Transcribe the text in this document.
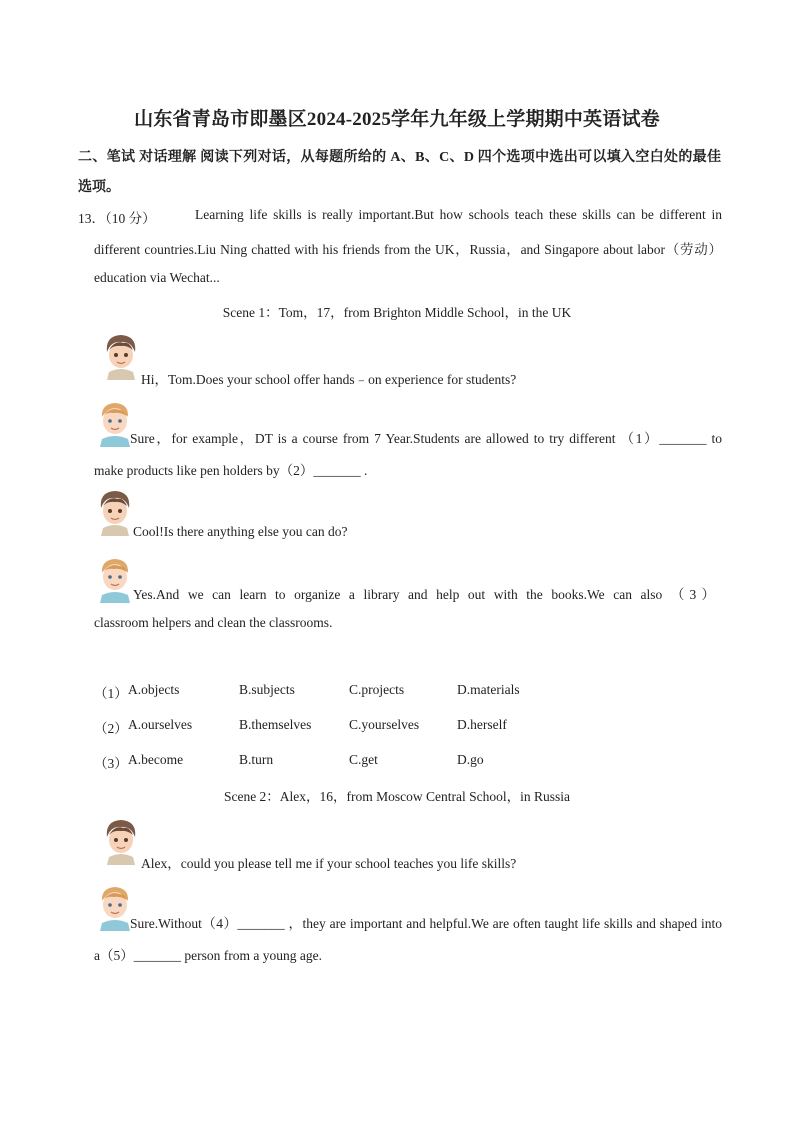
山东省青岛市即墨区2024-2025学年九年级上学期期中英语试卷
二、笔试 对话理解 阅读下列对话，从每题所给的 A、B、C、D 四个选项中选出可以填入空白处的最佳
选项。
13．（10 分）	Learning life skills is really important.But how schools teach these skills can be different in
different countries.Liu Ning chatted with his friends from the UK，Russia，and Singapore about labor（劳动）
education via Wechat...
Scene 1：Tom，17，from Brighton Middle School，in the UK
Hi，Tom.Does your school offer hands﹣on experience for students?
Sure，for example，DT is a course from 7 Year.Students are allowed to try different （1）_______ to
make products like pen holders by（2）_______ .
Cool!Is there anything else you can do?
Yes.And we can learn to organize a library and help out with the books.We can also （3）
classroom helpers and clean the classrooms.
（1） A.objects	B.subjects	C.projects	D.materials
（2） A.ourselves	B.themselves	C.yourselves	D.herself
（3） A.become	B.turn	C.get	D.go
Scene 2：Alex，16，from Moscow Central School，in Russia
Alex，could you please tell me if your school teaches you life skills?
Sure.Without（4）_______ ，they are important and helpful.We are often taught life skills and shaped into
a（5）_______ person from a young age.
